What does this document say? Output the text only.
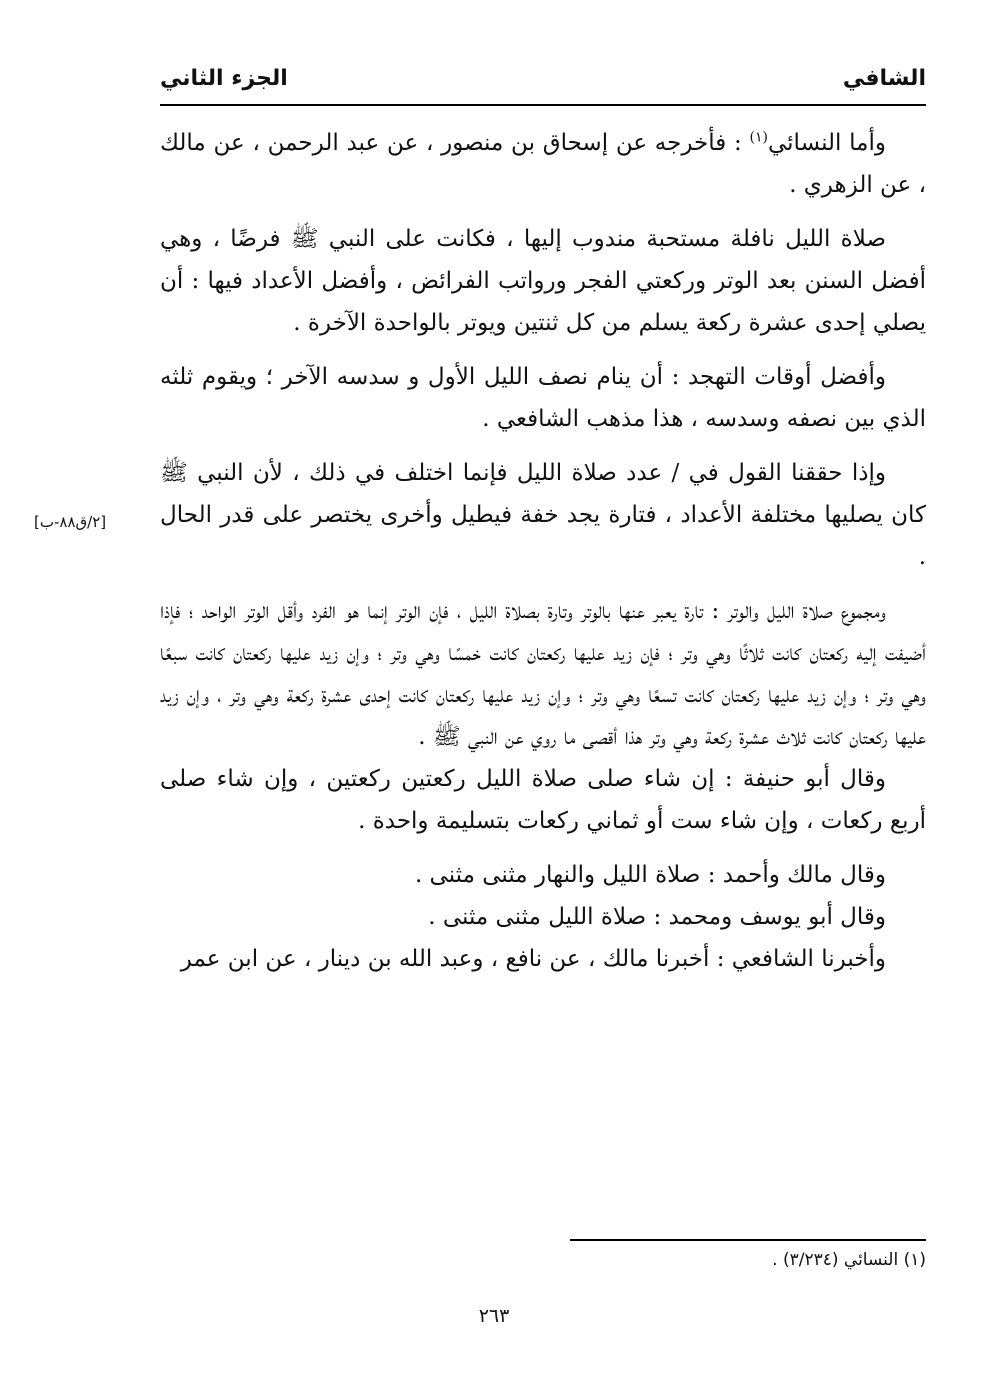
الشافي
الجزء الثاني

وأما النسائي$^{(١)}$ : فأخرجه عن إسحاق بن منصور ، عن عبد الرحمن ، عن مالك ، عن الزهري .

صلاة الليل نافلة مستحبة مندوب إليها ، فكانت على النبي ﷺ فرضًا ، وهي أفضل السنن بعد الوتر وركعتي الفجر ورواتب الفرائض ، وأفضل الأعداد فيها : أن يصلي إحدى عشرة ركعة يسلم من كل ثنتين ويوتر بالواحدة الآخرة .

وأفضل أوقات التهجد : أن ينام نصف الليل الأول و سدسه الآخر ؛ ويقوم ثلثه الذي بين نصفه وسدسه ، هذا مذهب الشافعي .

وإذا حققنا القول في / عدد صلاة الليل فإنما اختلف في ذلك ، لأن النبي ﷺ كان يصليها مختلفة الأعداد ، فتارة يجد خفة فيطيل وأخرى يختصر على قدر الحال .

ومجموع صلاة الليل والوتر : تارة يعبر عنها بالوتر وتارة بصلاة الليل ، فإن الوتر إنما هو الفرد وأقل الوتر الواحد ؛ فإذا أضيفت إليه ركعتان كانت ثلاثًا وهي وتر ؛ فإن زيد عليها ركعتان كانت خمسًا وهي وتر ؛ وإن زيد عليها ركعتان كانت سبعًا وهي وتر ؛ وإن زيد عليها ركعتان كانت تسعًا وهي وتر ؛ وإن زيد عليها ركعتان كانت إحدى عشرة ركعة وهي وتر ، وإن زيد عليها ركعتان كانت ثلاث عشرة ركعة وهي وتر هذا أقصى ما روي عن النبي ﷺ .

وقال أبو حنيفة : إن شاء صلى صلاة الليل ركعتين ركعتين ، وإن شاء صلى أربع ركعات ، وإن شاء ست أو ثماني ركعات بتسليمة واحدة .

وقال مالك وأحمد : صلاة الليل والنهار مثنى مثنى .

وقال أبو يوسف ومحمد : صلاة الليل مثنى مثنى .

وأخبرنا الشافعي : أخبرنا مالك ، عن نافع ، وعبد الله بن دينار ، عن ابن عمر

[٢/ق٨٨-ب]
(١) النسائي (٣/٢٣٤) .
٢٦٣
